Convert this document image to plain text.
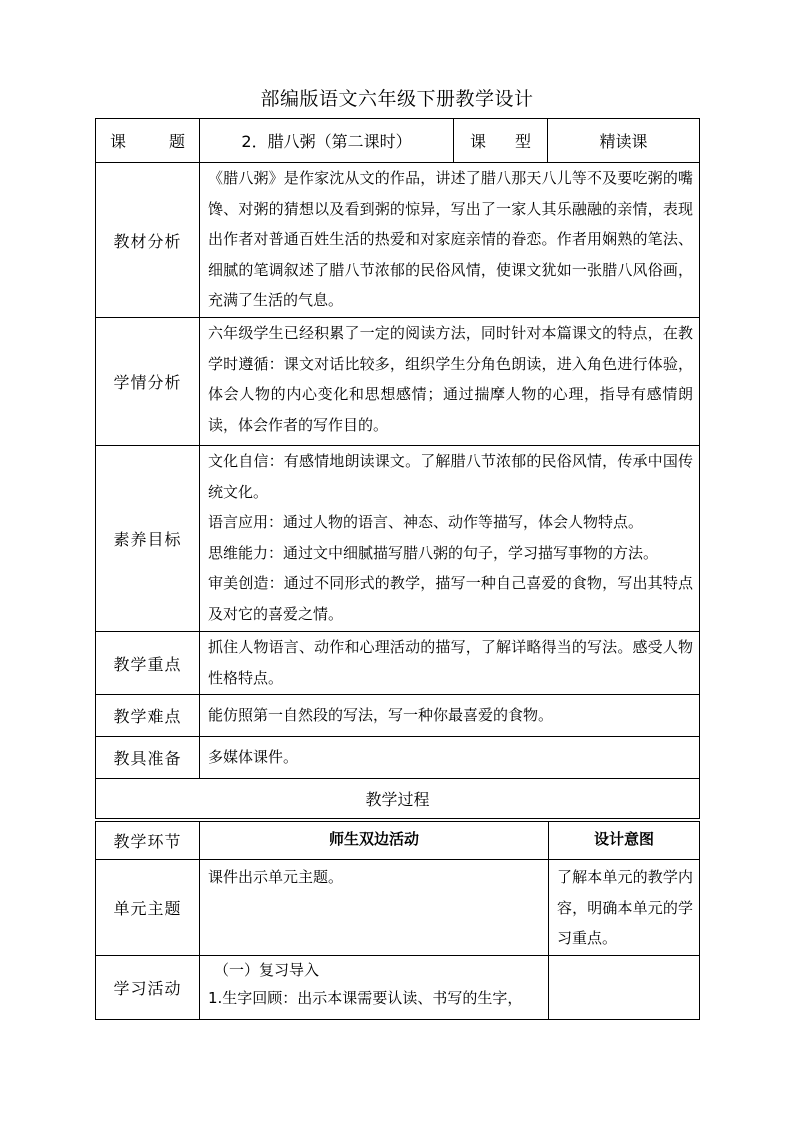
部编版语文六年级下册教学设计
课 题	2．腊八粥（第二课时）	课 型	精读课
教材分析	《腊八粥》是作家沈从文的作品，讲述了腊八那天八儿等不及要吃粥的嘴馋、对粥的猜想以及看到粥的惊异，写出了一家人其乐融融的亲情，表现出作者对普通百姓生活的热爱和对家庭亲情的眷恋。作者用娴熟的笔法、细腻的笔调叙述了腊八节浓郁的民俗风情，使课文犹如一张腊八风俗画，充满了生活的气息。		
学情分析	六年级学生已经积累了一定的阅读方法，同时针对本篇课文的特点，在教学时遵循：课文对话比较多，组织学生分角色朗读，进入角色进行体验，体会人物的内心变化和思想感情；通过揣摩人物的心理，指导有感情朗读，体会作者的写作目的。		
素养目标	文化自信：有感情地朗读课文。了解腊八节浓郁的民俗风情，传承中国传统文化。

语言应用：通过人物的语言、神态、动作等描写，体会人物特点。

思维能力：通过文中细腻描写腊八粥的句子，学习描写事物的方法。

审美创造：通过不同形式的教学，描写一种自己喜爱的食物，写出其特点及对它的喜爱之情。		

教学重点	抓住人物语言、动作和心理活动的描写，了解详略得当的写法。感受人物性格特点。		
教学难点	能仿照第一自然段的写法，写一种你最喜爱的食物。		
教具准备	多媒体课件。		
教学过程			
教学环节	师生双边活动	设计意图
单元主题	课件出示单元主题。	了解本单元的教学内容，明确本单元的学习重点。
学习活动	（一）复习导入

1.生字回顾：出示本课需要认读、书写的生字，	
